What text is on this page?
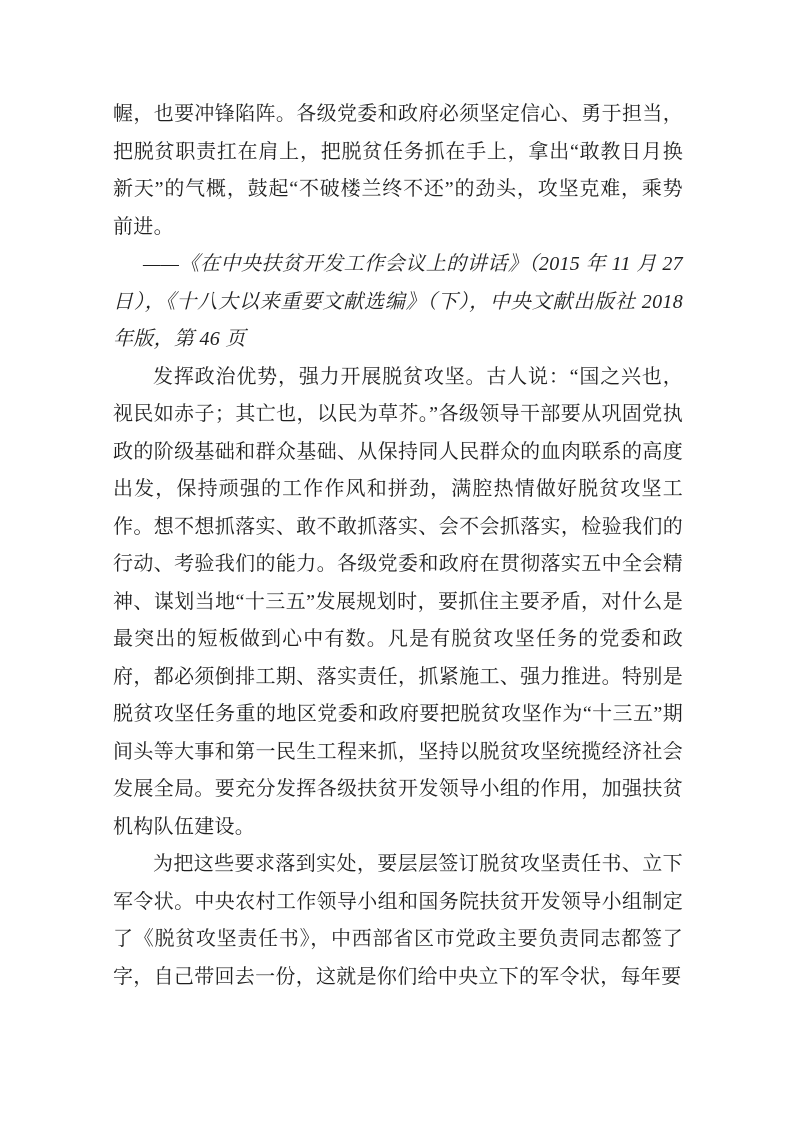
幄，也要冲锋陷阵。各级党委和政府必须坚定信心、勇于担当，把脱贫职责扛在肩上，把脱贫任务抓在手上，拿出“敢教日月换新天”的气概，鼓起“不破楼兰终不还”的劲头，攻坚克难，乘势前进。

——《在中央扶贫开发工作会议上的讲话》（2015 年 11 月 27 日），《十八大以来重要文献选编》（下），中央文献出版社 2018 年版，第 46 页

发挥政治优势，强力开展脱贫攻坚。古人说：“国之兴也，视民如赤子；其亡也，以民为草芥。”各级领导干部要从巩固党执政的阶级基础和群众基础、从保持同人民群众的血肉联系的高度出发，保持顽强的工作作风和拼劲，满腔热情做好脱贫攻坚工作。想不想抓落实、敢不敢抓落实、会不会抓落实，检验我们的行动、考验我们的能力。各级党委和政府在贯彻落实五中全会精神、谋划当地“十三五”发展规划时，要抓住主要矛盾，对什么是最突出的短板做到心中有数。凡是有脱贫攻坚任务的党委和政府，都必须倒排工期、落实责任，抓紧施工、强力推进。特别是脱贫攻坚任务重的地区党委和政府要把脱贫攻坚作为“十三五”期间头等大事和第一民生工程来抓，坚持以脱贫攻坚统揽经济社会发展全局。要充分发挥各级扶贫开发领导小组的作用，加强扶贫机构队伍建设。

为把这些要求落到实处，要层层签订脱贫攻坚责任书、立下军令状。中央农村工作领导小组和国务院扶贫开发领导小组制定了《脱贫攻坚责任书》，中西部省区市党政主要负责同志都签了字，自己带回去一份，这就是你们给中央立下的军令状，每年要
